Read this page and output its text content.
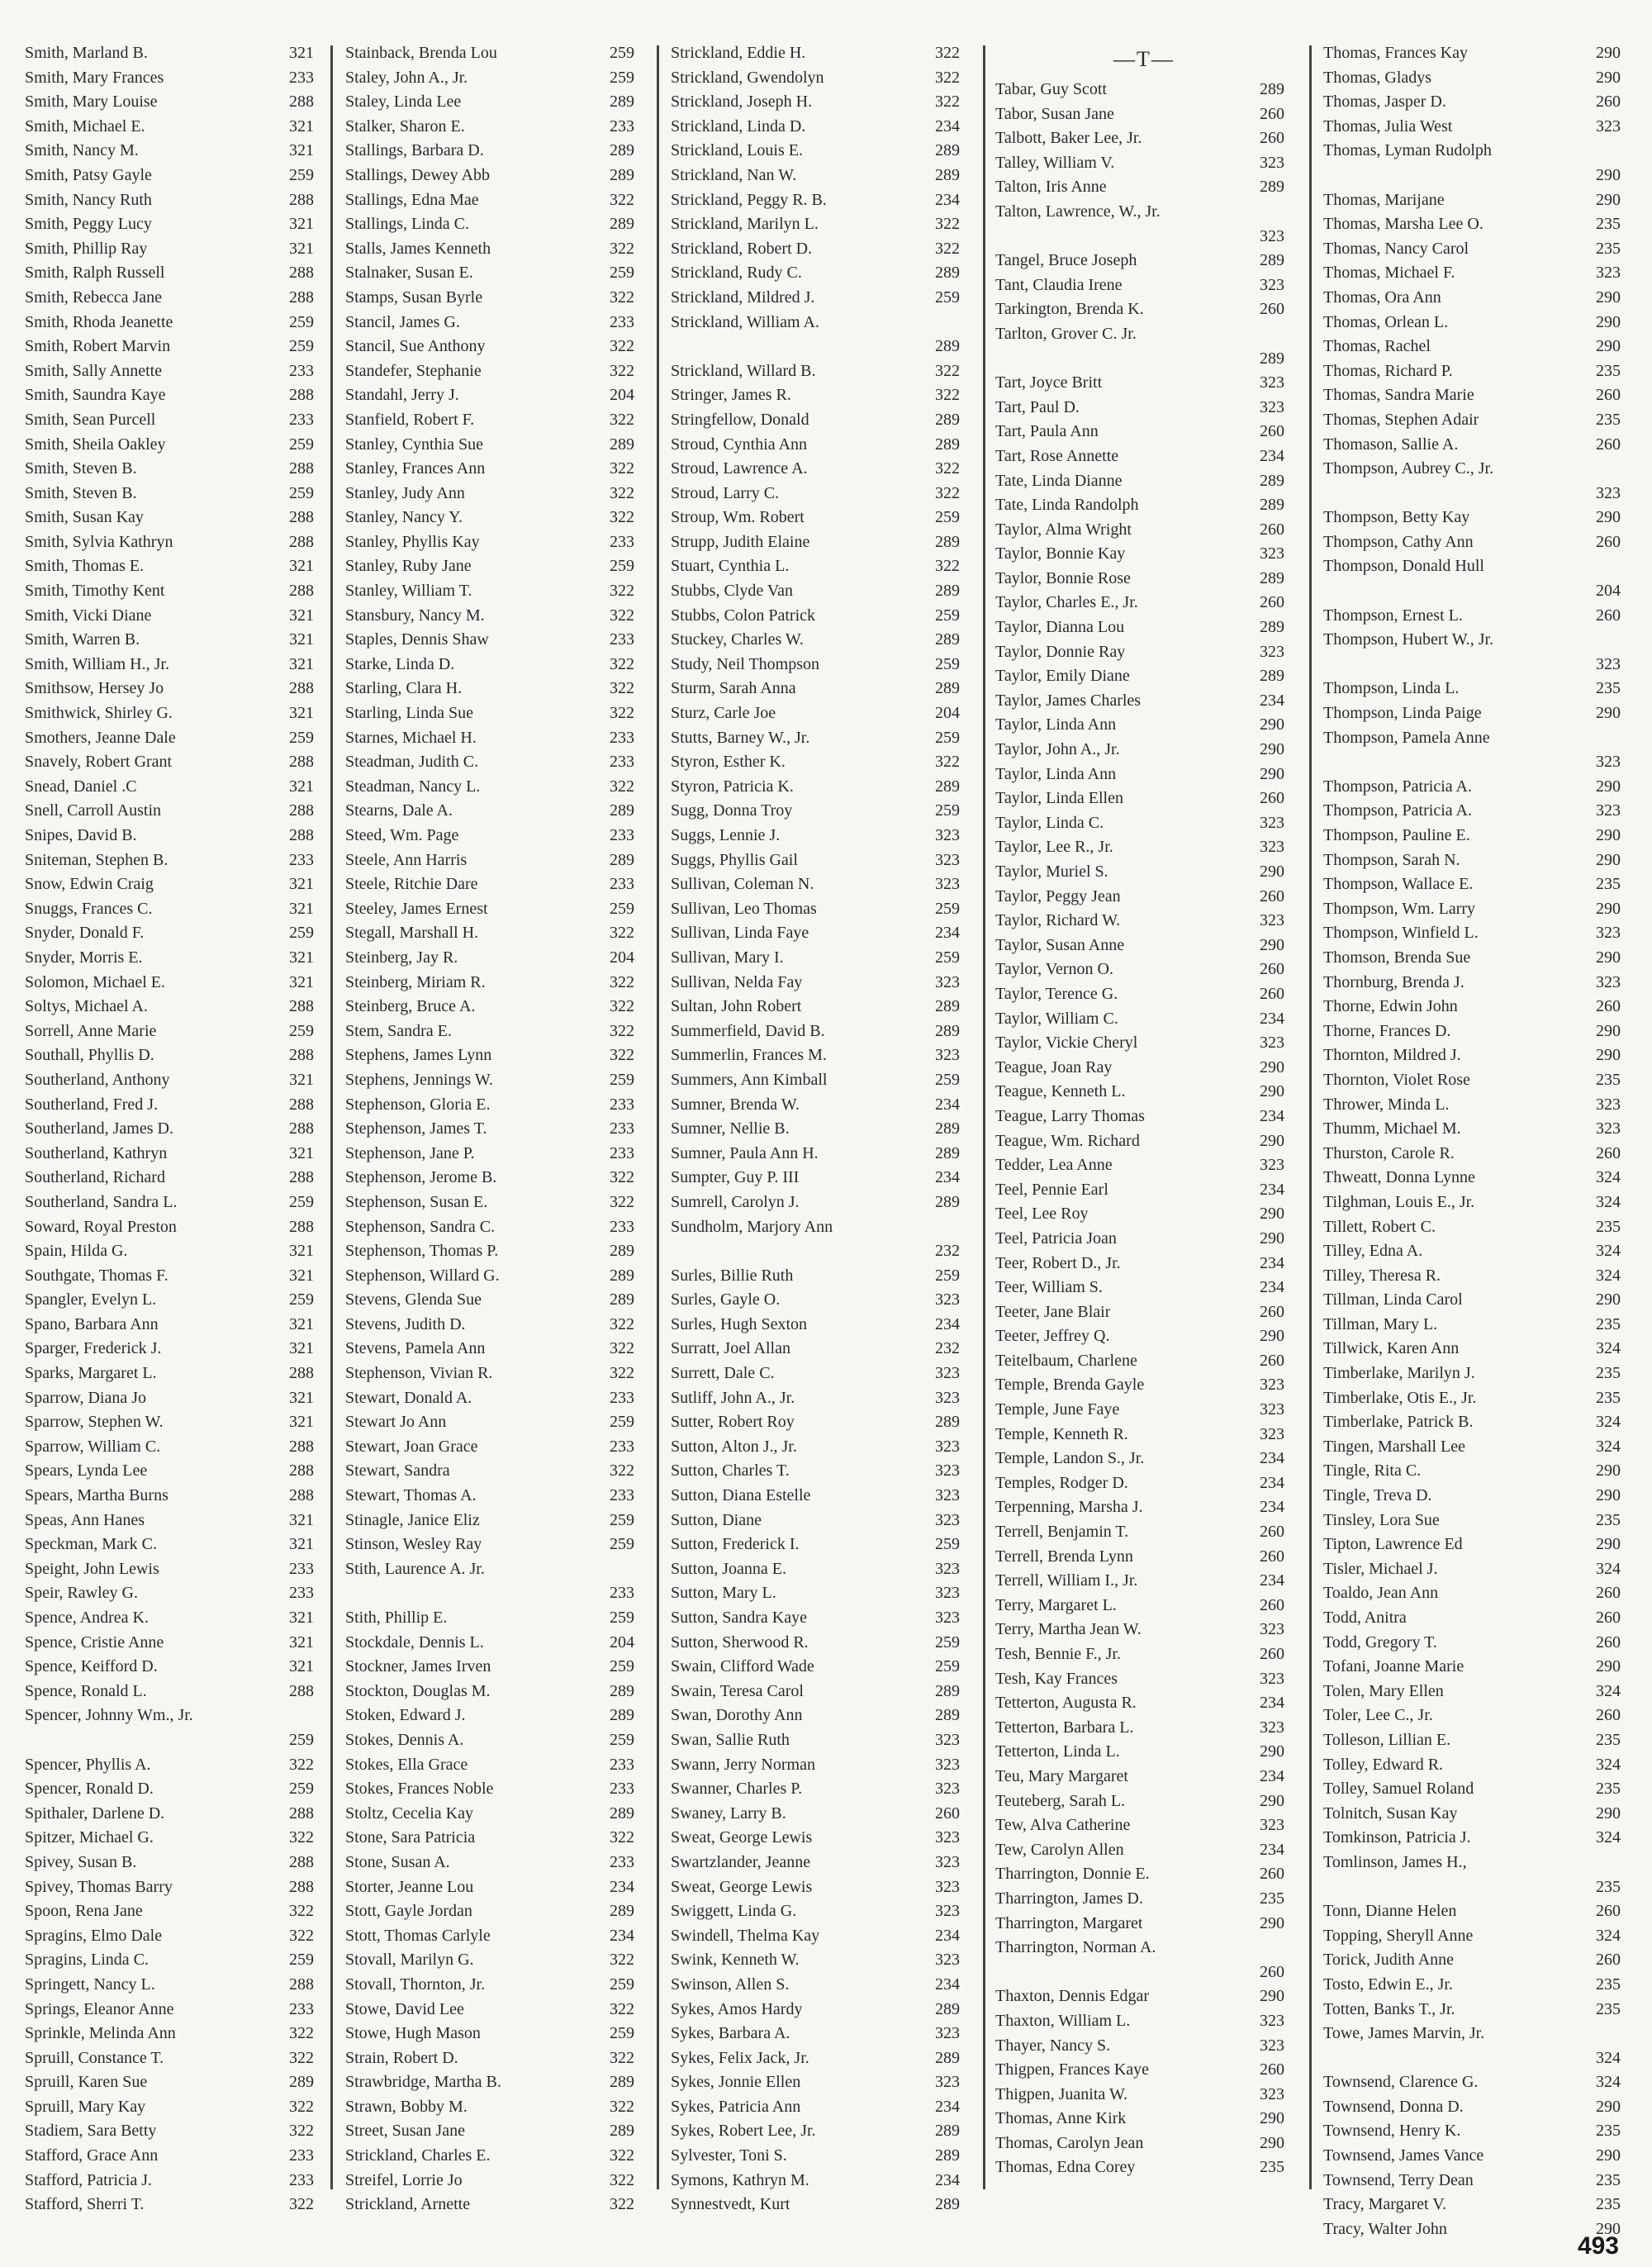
Smith, Marland B.	321
Smith, Mary Frances	233
Smith, Mary Louise	288
Smith, Michael E.	321
Smith, Nancy M.	321
Smith, Patsy Gayle	259
Smith, Nancy Ruth	288
Smith, Peggy Lucy	321
Smith, Phillip Ray	321
Smith, Ralph Russell	288
Smith, Rebecca Jane	288
Smith, Rhoda Jeanette	259
Smith, Robert Marvin	259
Smith, Sally Annette	233
Smith, Saundra Kaye	288
Smith, Sean Purcell	233
Smith, Sheila Oakley	259
Smith, Steven B.	288
Smith, Steven B.	259
Smith, Susan Kay	288
Smith, Sylvia Kathryn	288
Smith, Thomas E.	321
Smith, Timothy Kent	288
Smith, Vicki Diane	321
Smith, Warren B.	321
Smith, William H., Jr.	321
Smithsow, Hersey Jo	288
Smithwick, Shirley G.	321
Smothers, Jeanne Dale	259
Snavely, Robert Grant	288
Snead, Daniel .C	321
Snell, Carroll Austin	288
Snipes, David B.	288
Sniteman, Stephen B.	233
Snow, Edwin Craig	321
Snuggs, Frances C.	321
Snyder, Donald F.	259
Snyder, Morris E.	321
Solomon, Michael E.	321
Soltys, Michael A.	288
Sorrell, Anne Marie	259
Southall, Phyllis D.	288
Southerland, Anthony	321
Southerland, Fred J.	288
Southerland, James D.	288
Southerland, Kathryn	321
Southerland, Richard	288
Southerland, Sandra L.	259
Soward, Royal Preston	288
Spain, Hilda G.	321
Southgate, Thomas F.	321
Spangler, Evelyn L.	259
Spano, Barbara Ann	321
Sparger, Frederick J.	321
Sparks, Margaret L.	288
Sparrow, Diana Jo	321
Sparrow, Stephen W.	321
Sparrow, William C.	288
Spears, Lynda Lee	288
Spears, Martha Burns	288
Speas, Ann Hanes	321
Speckman, Mark C.	321
Speight, John Lewis	233
Speir, Rawley G.	233
Spence, Andrea K.	321
Spence, Cristie Anne	321
Spence, Keifford D.	321
Spence, Ronald L.	288
Spencer, Johnny Wm., Jr.
259
Spencer, Phyllis A.	322
Spencer, Ronald D.	259
Spithaler, Darlene D.	288
Spitzer, Michael G.	322
Spivey, Susan B.	288
Spivey, Thomas Barry	288
Spoon, Rena Jane	322
Spragins, Elmo Dale	322
Spragins, Linda C.	259
Springett, Nancy L.	288
Springs, Eleanor Anne	233
Sprinkle, Melinda Ann	322
Spruill, Constance T.	322
Spruill, Karen Sue	289
Spruill, Mary Kay	322
Stadiem, Sara Betty	322
Stafford, Grace Ann	233
Stafford, Patricia J.	233
Stafford, Sherri T.	322
Stainback, Brenda Lou	259
Staley, John A., Jr.	259
Staley, Linda Lee	289
Stalker, Sharon E.	233
Stallings, Barbara D.	289
Stallings, Dewey Abb	289
Stallings, Edna Mae	322
Stallings, Linda C.	289
Stalls, James Kenneth	322
Stalnaker, Susan E.	259
Stamps, Susan Byrle	322
Stancil, James G.	233
Stancil, Sue Anthony	322
Standefer, Stephanie	322
Standahl, Jerry J.	204
Stanfield, Robert F.	322
Stanley, Cynthia Sue	289
Stanley, Frances Ann	322
Stanley, Judy Ann	322
Stanley, Nancy Y.	322
Stanley, Phyllis Kay	233
Stanley, Ruby Jane	259
Stanley, William T.	322
Stansbury, Nancy M.	322
Staples, Dennis Shaw	233
Starke, Linda D.	322
Starling, Clara H.	322
Starling, Linda Sue	322
Starnes, Michael H.	233
Steadman, Judith C.	233
Steadman, Nancy L.	322
Stearns, Dale A.	289
Steed, Wm. Page	233
Steele, Ann Harris	289
Steele, Ritchie Dare	233
Steeley, James Ernest	259
Stegall, Marshall H.	322
Steinberg, Jay R.	204
Steinberg, Miriam R.	322
Steinberg, Bruce A.	322
Stem, Sandra E.	322
Stephens, James Lynn	322
Stephens, Jennings W.	259
Stephenson, Gloria E.	233
Stephenson, James T.	233
Stephenson, Jane P.	233
Stephenson, Jerome B.	322
Stephenson, Susan E.	322
Stephenson, Sandra C.	233
Stephenson, Thomas P.	289
Stephenson, Willard G.	289
Stevens, Glenda Sue	289
Stevens, Judith D.	322
Stevens, Pamela Ann	322
Stephenson, Vivian R.	322
Stewart, Donald A.	233
Stewart Jo Ann	259
Stewart, Joan Grace	233
Stewart, Sandra	322
Stewart, Thomas A.	233
Stinagle, Janice Eliz	259
Stinson, Wesley Ray	259
Stith, Laurence A. Jr.
233
Stith, Phillip E.	259
Stockdale, Dennis L.	204
Stockner, James Irven	259
Stockton, Douglas M.	289
Stoken, Edward J.	289
Stokes, Dennis A.	259
Stokes, Ella Grace	233
Stokes, Frances Noble	233
Stoltz, Cecelia Kay	289
Stone, Sara Patricia	322
Stone, Susan A.	233
Storter, Jeanne Lou	234
Stott, Gayle Jordan	289
Stott, Thomas Carlyle	234
Stovall, Marilyn G.	322
Stovall, Thornton, Jr.	259
Stowe, David Lee	322
Stowe, Hugh Mason	259
Strain, Robert D.	322
Strawbridge, Martha B.	289
Strawn, Bobby M.	322
Street, Susan Jane	289
Strickland, Charles E.	322
Streifel, Lorrie Jo	322
Strickland, Arnette	322
Strickland, Eddie H.	322
Strickland, Gwendolyn	322
Strickland, Joseph H.	322
Strickland, Linda D.	234
Strickland, Louis E.	289
Strickland, Nan W.	289
Strickland, Peggy R. B.	234
Strickland, Marilyn L.	322
Strickland, Robert D.	322
Strickland, Rudy C.	289
Strickland, Mildred J.	259
Strickland, William A.
289
Strickland, Willard B.	322
Stringer, James R.	322
Stringfellow, Donald	289
Stroud, Cynthia Ann	289
Stroud, Lawrence A.	322
Stroud, Larry C.	322
Stroup, Wm. Robert	259
Strupp, Judith Elaine	289
Stuart, Cynthia L.	322
Stubbs, Clyde Van	289
Stubbs, Colon Patrick	259
Stuckey, Charles W.	289
Study, Neil Thompson	259
Sturm, Sarah Anna	289
Sturz, Carle Joe	204
Stutts, Barney W., Jr.	259
Styron, Esther K.	322
Styron, Patricia K.	289
Sugg, Donna Troy	259
Suggs, Lennie J.	323
Suggs, Phyllis Gail	323
Sullivan, Coleman N.	323
Sullivan, Leo Thomas	259
Sullivan, Linda Faye	234
Sullivan, Mary I.	259
Sullivan, Nelda Fay	323
Sultan, John Robert	289
Summerfield, David B.	289
Summerlin, Frances M.	323
Summers, Ann Kimball	259
Sumner, Brenda W.	234
Sumner, Nellie B.	289
Sumner, Paula Ann H.	289
Sumpter, Guy P. III	234
Sumrell, Carolyn J.	289
Sundholm, Marjory Ann
232
Surles, Billie Ruth	259
Surles, Gayle O.	323
Surles, Hugh Sexton	234
Surratt, Joel Allan	232
Surrett, Dale C.	323
Sutliff, John A., Jr.	323
Sutter, Robert Roy	289
Sutton, Alton J., Jr.	323
Sutton, Charles T.	323
Sutton, Diana Estelle	323
Sutton, Diane	323
Sutton, Frederick I.	259
Sutton, Joanna E.	323
Sutton, Mary L.	323
Sutton, Sandra Kaye	323
Sutton, Sherwood R.	259
Swain, Clifford Wade	259
Swain, Teresa Carol	289
Swan, Dorothy Ann	289
Swan, Sallie Ruth	323
Swann, Jerry Norman	323
Swanner, Charles P.	323
Swaney, Larry B.	260
Sweat, George Lewis	323
Swartzlander, Jeanne	323
Sweat, George Lewis	323
Swiggett, Linda G.	323
Swindell, Thelma Kay	234
Swink, Kenneth W.	323
Swinson, Allen S.	234
Sykes, Amos Hardy	289
Sykes, Barbara A.	323
Sykes, Felix Jack, Jr.	289
Sykes, Jonnie Ellen	323
Sykes, Patricia Ann	234
Sykes, Robert Lee, Jr.	289
Sylvester, Toni S.	289
Symons, Kathryn M.	234
Synnestvedt, Kurt	289
—T—
Tabar, Guy Scott	289
Tabor, Susan Jane	260
Talbott, Baker Lee, Jr.	260
Talley, William V.	323
Talton, Iris Anne	289
Talton, Lawrence, W., Jr.
323
Tangel, Bruce Joseph	289
Tant, Claudia Irene	323
Tarkington, Brenda K.	260
Tarlton, Grover C. Jr.
289
Tart, Joyce Britt	323
Tart, Paul D.	323
Tart, Paula Ann	260
Tart, Rose Annette	234
Tate, Linda Dianne	289
Tate, Linda Randolph	289
Taylor, Alma Wright	260
Taylor, Bonnie Kay	323
Taylor, Bonnie Rose	289
Taylor, Charles E., Jr.	260
Taylor, Dianna Lou	289
Taylor, Donnie Ray	323
Taylor, Emily Diane	289
Taylor, James Charles	234
Taylor, Linda Ann	290
Taylor, John A., Jr.	290
Taylor, Linda Ann	290
Taylor, Linda Ellen	260
Taylor, Linda C.	323
Taylor, Lee R., Jr.	323
Taylor, Muriel S.	290
Taylor, Peggy Jean	260
Taylor, Richard W.	323
Taylor, Susan Anne	290
Taylor, Vernon O.	260
Taylor, Terence G.	260
Taylor, William C.	234
Taylor, Vickie Cheryl	323
Teague, Joan Ray	290
Teague, Kenneth L.	290
Teague, Larry Thomas	234
Teague, Wm. Richard	290
Tedder, Lea Anne	323
Teel, Pennie Earl	234
Teel, Lee Roy	290
Teel, Patricia Joan	290
Teer, Robert D., Jr.	234
Teer, William S.	234
Teeter, Jane Blair	260
Teeter, Jeffrey Q.	290
Teitelbaum, Charlene	260
Temple, Brenda Gayle	323
Temple, June Faye	323
Temple, Kenneth R.	323
Temple, Landon S., Jr.	234
Temples, Rodger D.	234
Terpenning, Marsha J.	234
Terrell, Benjamin T.	260
Terrell, Brenda Lynn	260
Terrell, William I., Jr.	234
Terry, Margaret L.	260
Terry, Martha Jean W.	323
Tesh, Bennie F., Jr.	260
Tesh, Kay Frances	323
Tetterton, Augusta R.	234
Tetterton, Barbara L.	323
Tetterton, Linda L.	290
Teu, Mary Margaret	234
Teuteberg, Sarah L.	290
Tew, Alva Catherine	323
Tew, Carolyn Allen	234
Tharrington, Donnie E.	260
Tharrington, James D.	235
Tharrington, Margaret	290
Tharrington, Norman A.
260
Thaxton, Dennis Edgar	290
Thaxton, William L.	323
Thayer, Nancy S.	323
Thigpen, Frances Kaye	260
Thigpen, Juanita W.	323
Thomas, Anne Kirk	290
Thomas, Carolyn Jean	290
Thomas, Edna Corey	235
Thomas, Frances Kay	290
Thomas, Gladys	290
Thomas, Jasper D.	260
Thomas, Julia West	323
Thomas, Lyman Rudolph
290
Thomas, Marijane	290
Thomas, Marsha Lee O.	235
Thomas, Nancy Carol	235
Thomas, Michael F.	323
Thomas, Ora Ann	290
Thomas, Orlean L.	290
Thomas, Rachel	290
Thomas, Richard P.	235
Thomas, Sandra Marie	260
Thomas, Stephen Adair	235
Thomason, Sallie A.	260
Thompson, Aubrey C., Jr.
323
Thompson, Betty Kay	290
Thompson, Cathy Ann	260
Thompson, Donald Hull
204
Thompson, Ernest L.	260
Thompson, Hubert W., Jr.
323
Thompson, Linda L.	235
Thompson, Linda Paige	290
Thompson, Pamela Anne
323
Thompson, Patricia A.	290
Thompson, Patricia A.	323
Thompson, Pauline E.	290
Thompson, Sarah N.	290
Thompson, Wallace E.	235
Thompson, Wm. Larry	290
Thompson, Winfield L.	323
Thomson, Brenda Sue	290
Thornburg, Brenda J.	323
Thorne, Edwin John	260
Thorne, Frances D.	290
Thornton, Mildred J.	290
Thornton, Violet Rose	235
Thrower, Minda L.	323
Thumm, Michael M.	323
Thurston, Carole R.	260
Thweatt, Donna Lynne	324
Tilghman, Louis E., Jr.	324
Tillett, Robert C.	235
Tilley, Edna A.	324
Tilley, Theresa R.	324
Tillman, Linda Carol	290
Tillman, Mary L.	235
Tillwick, Karen Ann	324
Timberlake, Marilyn J.	235
Timberlake, Otis E., Jr.	235
Timberlake, Patrick B.	324
Tingen, Marshall Lee	324
Tingle, Rita C.	290
Tingle, Treva D.	290
Tinsley, Lora Sue	235
Tipton, Lawrence Ed	290
Tisler, Michael J.	324
Toaldo, Jean Ann	260
Todd, Anitra	260
Todd, Gregory T.	260
Tofani, Joanne Marie	290
Tolen, Mary Ellen	324
Toler, Lee C., Jr.	260
Tolleson, Lillian E.	235
Tolley, Edward R.	324
Tolley, Samuel Roland	235
Tolnitch, Susan Kay	290
Tomkinson, Patricia J.	324
Tomlinson, James H.,
235
Tonn, Dianne Helen	260
Topping, Sheryll Anne	324
Torick, Judith Anne	260
Tosto, Edwin E., Jr.	235
Totten, Banks T., Jr.	235
Towe, James Marvin, Jr.
324
Townsend, Clarence G.	324
Townsend, Donna D.	290
Townsend, Henry K.	235
Townsend, James Vance	290
Townsend, Terry Dean	235
Tracy, Margaret V.	235
Tracy, Walter John	290
493
